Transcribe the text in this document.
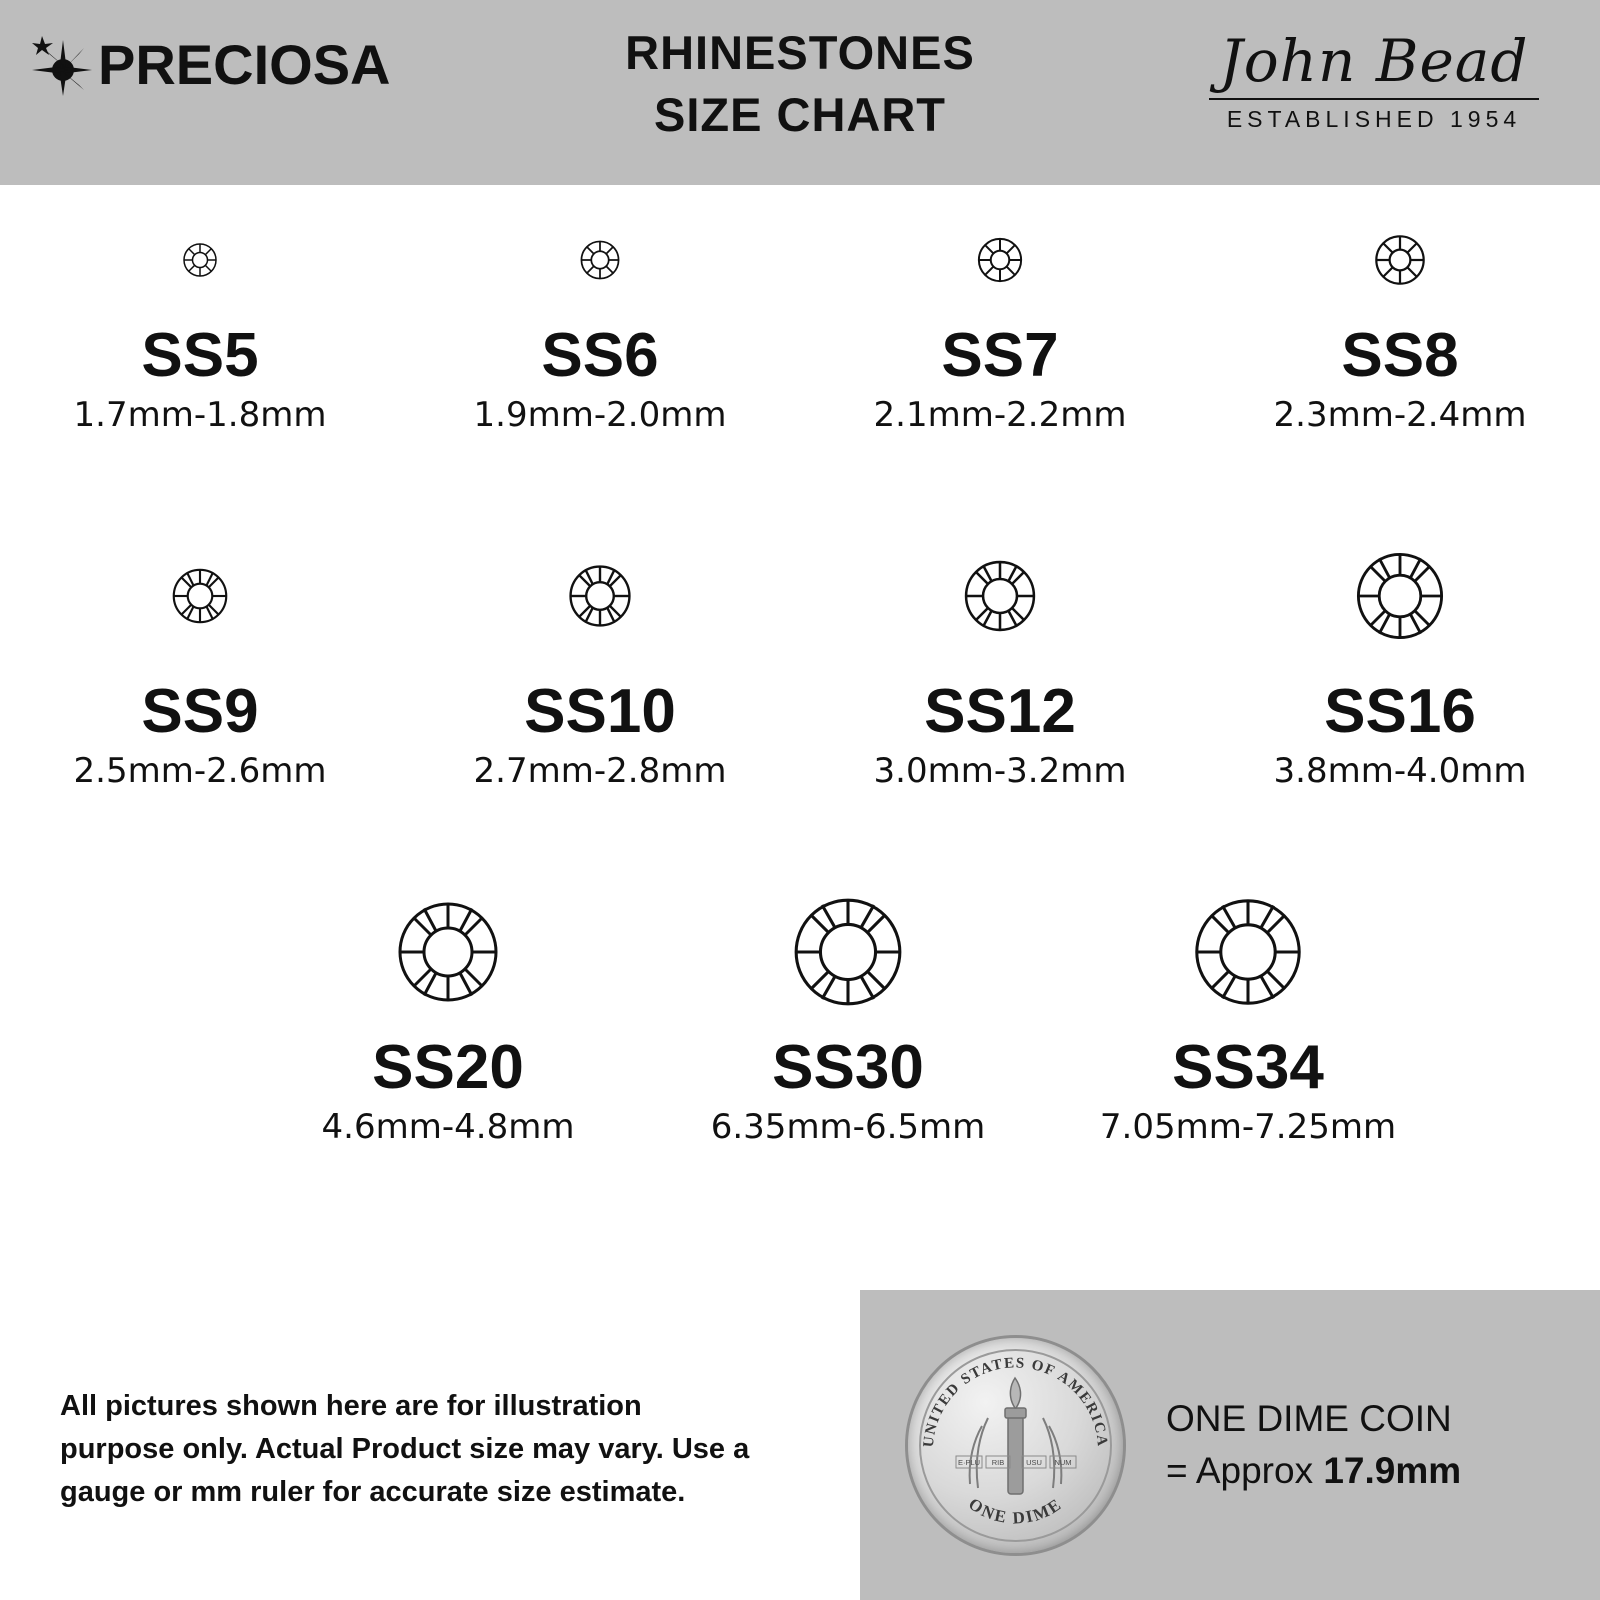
PRECIOSA	RHINESTONES
SIZE CHART
John Bead
ESTABLISHED 1954
SS5
1.7mm-1.8mm
SS6
1.9mm-2.0mm
SS7
2.1mm-2.2mm
SS8
2.3mm-2.4mm
SS9
2.5mm-2.6mm
SS10
2.7mm-2.8mm
SS12
3.0mm-3.2mm
SS16
3.8mm-4.0mm
SS20
4.6mm-4.8mm
SS30
6.35mm-6.5mm
SS34
7.05mm-7.25mm
All pictures shown here are for illustration purpose only. Actual Product size may vary. Use a gauge or mm ruler for accurate size estimate.
UNITED STATES OF AMERICA
ONE DIME
E·PLU RIB	USU NUM
ONE DIME COIN
= Approx 17.9mm
